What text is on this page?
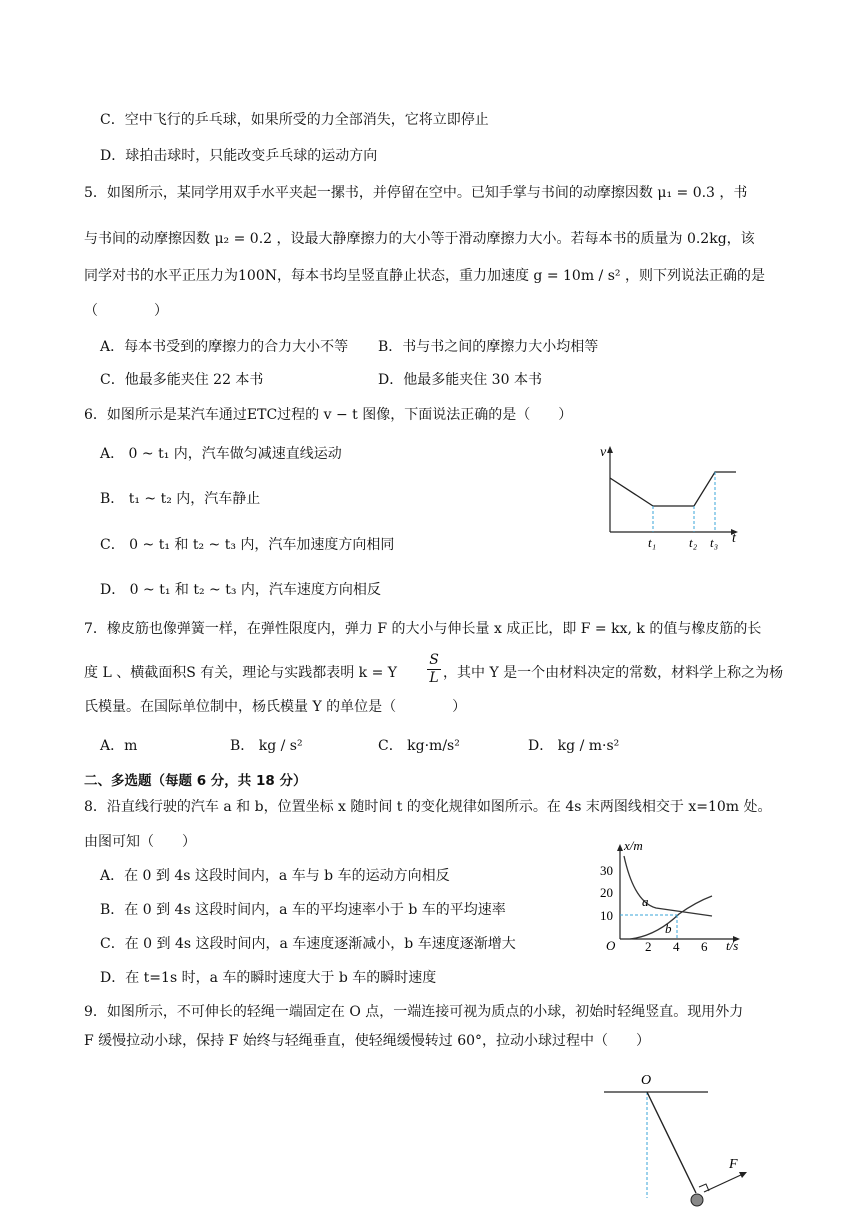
C．空中飞行的乒乓球，如果所受的力全部消失，它将立即停止
D．球拍击球时，只能改变乒乓球的运动方向
5．如图所示，某同学用双手水平夹起一摞书，并停留在空中。已知手掌与书间的动摩擦因数 μ₁ = 0.3 ，书
与书间的动摩擦因数 μ₂ = 0.2 ，设最大静摩擦力的大小等于滑动摩擦力大小。若每本书的质量为 0.2kg，该
同学对书的水平正压力为100N，每本书均呈竖直静止状态，重力加速度 g = 10m / s² ，则下列说法正确的是
（　　　　）
A．每本书受到的摩擦力的合力大小不等 B．书与书之间的摩擦力大小均相等
C．他最多能夹住 22 本书	D．他最多能夹住 30 本书
6．如图所示是某汽车通过ETC过程的 v − t 图像，下面说法正确的是（　　）
A． 0 ~ t₁ 内，汽车做匀减速直线运动
B． t₁ ~ t₂ 内，汽车静止
C． 0 ~ t₁ 和 t₂ ~ t₃ 内，汽车加速度方向相同
D． 0 ~ t₁ 和 t₂ ~ t₃ 内，汽车速度方向相反
v
t
t₁	t₂ t₃
7．橡皮筋也像弹簧一样，在弹性限度内，弹力 F 的大小与伸长量 x 成正比，即 F = kx, k 的值与橡皮筋的长
度 L 、横截面积S 有关，理论与实践都表明 k = Y
S
L ，其中 Y 是一个由材料决定的常数，材料学上称之为杨
氏模量。在国际单位制中，杨氏模量 Y 的单位是（　　　　）
A．m	B． kg / s²	C． kg·m/s²	D． kg / m·s²
二、多选题（每题 6 分，共 18 分）
8．沿直线行驶的汽车 a 和 b，位置坐标 x 随时间 t 的变化规律如图所示。在 4s 末两图线相交于 x=10m 处。
由图可知（　　）
A．在 0 到 4s 这段时间内，a 车与 b 车的运动方向相反
B．在 0 到 4s 这段时间内，a 车的平均速率小于 b 车的平均速率
C．在 0 到 4s 这段时间内，a 车速度逐渐减小，b 车速度逐渐增大
D．在 t=1s 时，a 车的瞬时速度大于 b 车的瞬时速度
x/m
t/s
30
20
10
O 2 4 6
a
b
9．如图所示，不可伸长的轻绳一端固定在 O 点，一端连接可视为质点的小球，初始时轻绳竖直。现用外力
F 缓慢拉动小球，保持 F 始终与轻绳垂直，使轻绳缓慢转过 60°，拉动小球过程中（　　）
O
F
